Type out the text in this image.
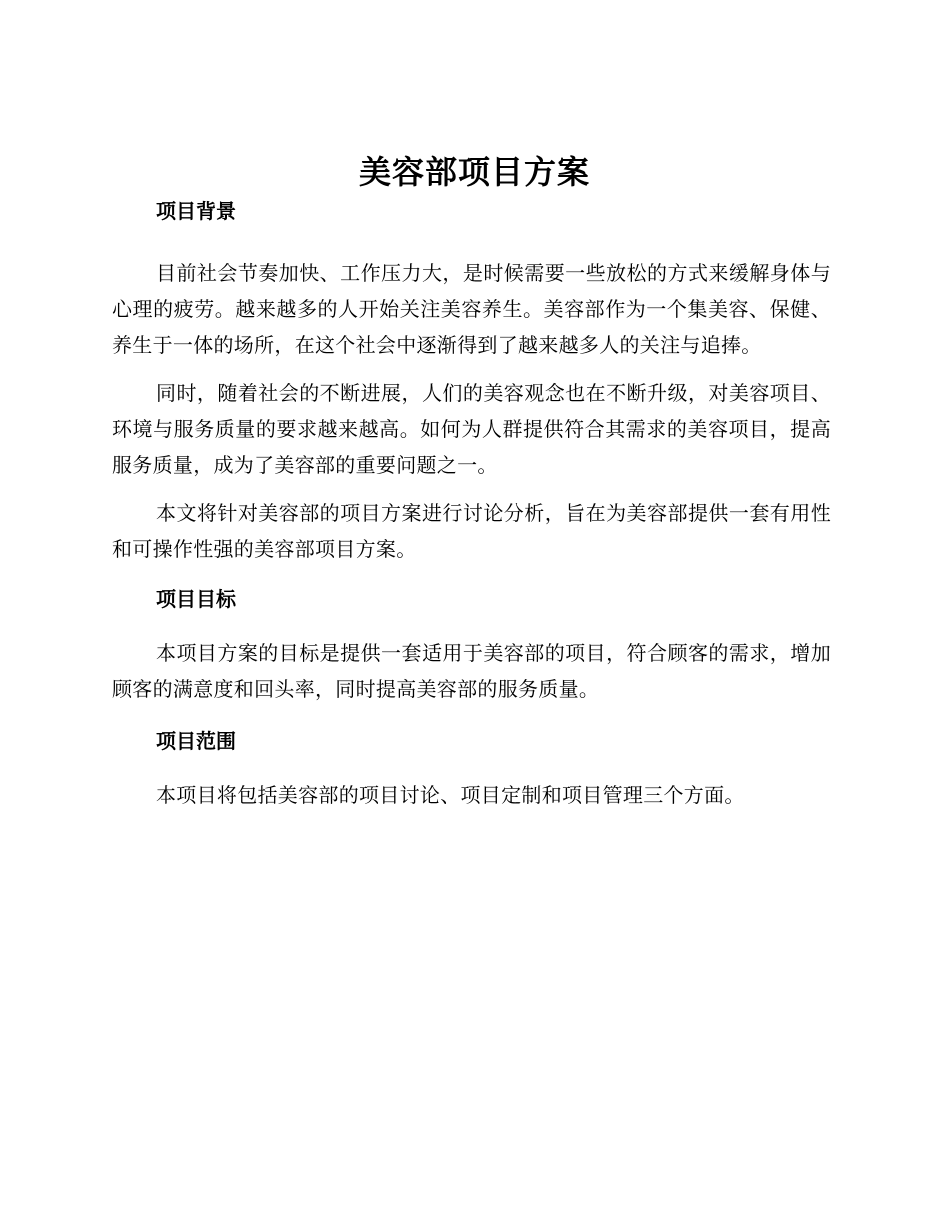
美容部项目方案
项目背景

目前社会节奏加快、工作压力大，是时候需要一些放松的方式来缓解身体与心理的疲劳。越来越多的人开始关注美容养生。美容部作为一个集美容、保健、养生于一体的场所，在这个社会中逐渐得到了越来越多人的关注与追捧。

同时，随着社会的不断进展，人们的美容观念也在不断升级，对美容项目、环境与服务质量的要求越来越高。如何为人群提供符合其需求的美容项目，提高服务质量，成为了美容部的重要问题之一。

本文将针对美容部的项目方案进行讨论分析，旨在为美容部提供一套有用性和可操作性强的美容部项目方案。

项目目标

本项目方案的目标是提供一套适用于美容部的项目，符合顾客的需求，增加顾客的满意度和回头率，同时提高美容部的服务质量。

项目范围

本项目将包括美容部的项目讨论、项目定制和项目管理三个方面。
